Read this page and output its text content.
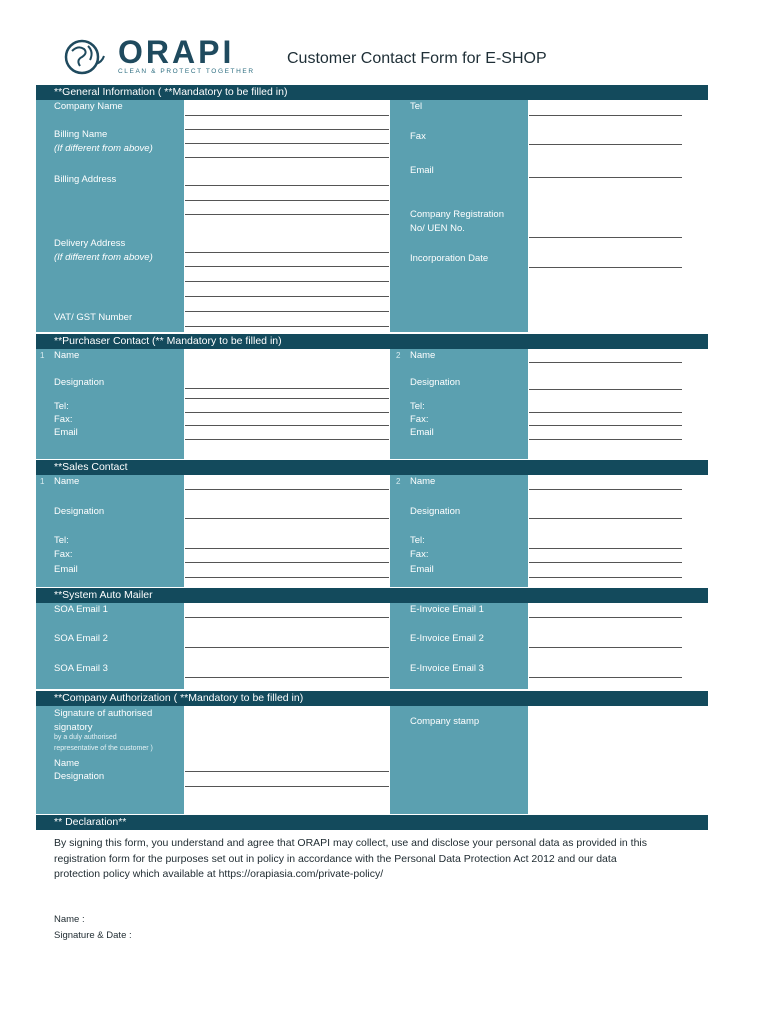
ORAPI
CLEAN & PROTECT TOGETHER
Customer Contact Form for E-SHOP
**General Information ( **Mandatory to be filled in)
Company Name
Billing Name
(If different from above)
Billing Address
Delivery Address
(If different from above)
VAT/ GST Number
Tel
Fax
Email
Company Registration
No/ UEN No.
Incorporation Date
**Purchaser Contact (** Mandatory to be filled in)
1 Name
Designation
Tel:
Fax:
Email
2 Name
Designation
Tel:
Fax:
Email
**Sales Contact
1 Name
Designation
Tel:
Fax:
Email
2 Name
Designation
Tel:
Fax:
Email
**System Auto Mailer
SOA Email 1
SOA Email 2
SOA Email 3
E-Invoice Email 1
E-Invoice Email 2
E-Invoice Email 3
**Company Authorization ( **Mandatory to be filled in)
Signature of authorised
signatory
by a duly authorised
representative of the customer )
Name
Designation
Company stamp
** Declaration**
By signing this form, you understand and agree that ORAPI may collect, use and disclose your personal data as provided in this registration form for the purposes set out in policy in accordance with the Personal Data Protection Act 2012 and our data protection policy which available at https://orapiasia.com/private-policy/
Name :
Signature & Date :
